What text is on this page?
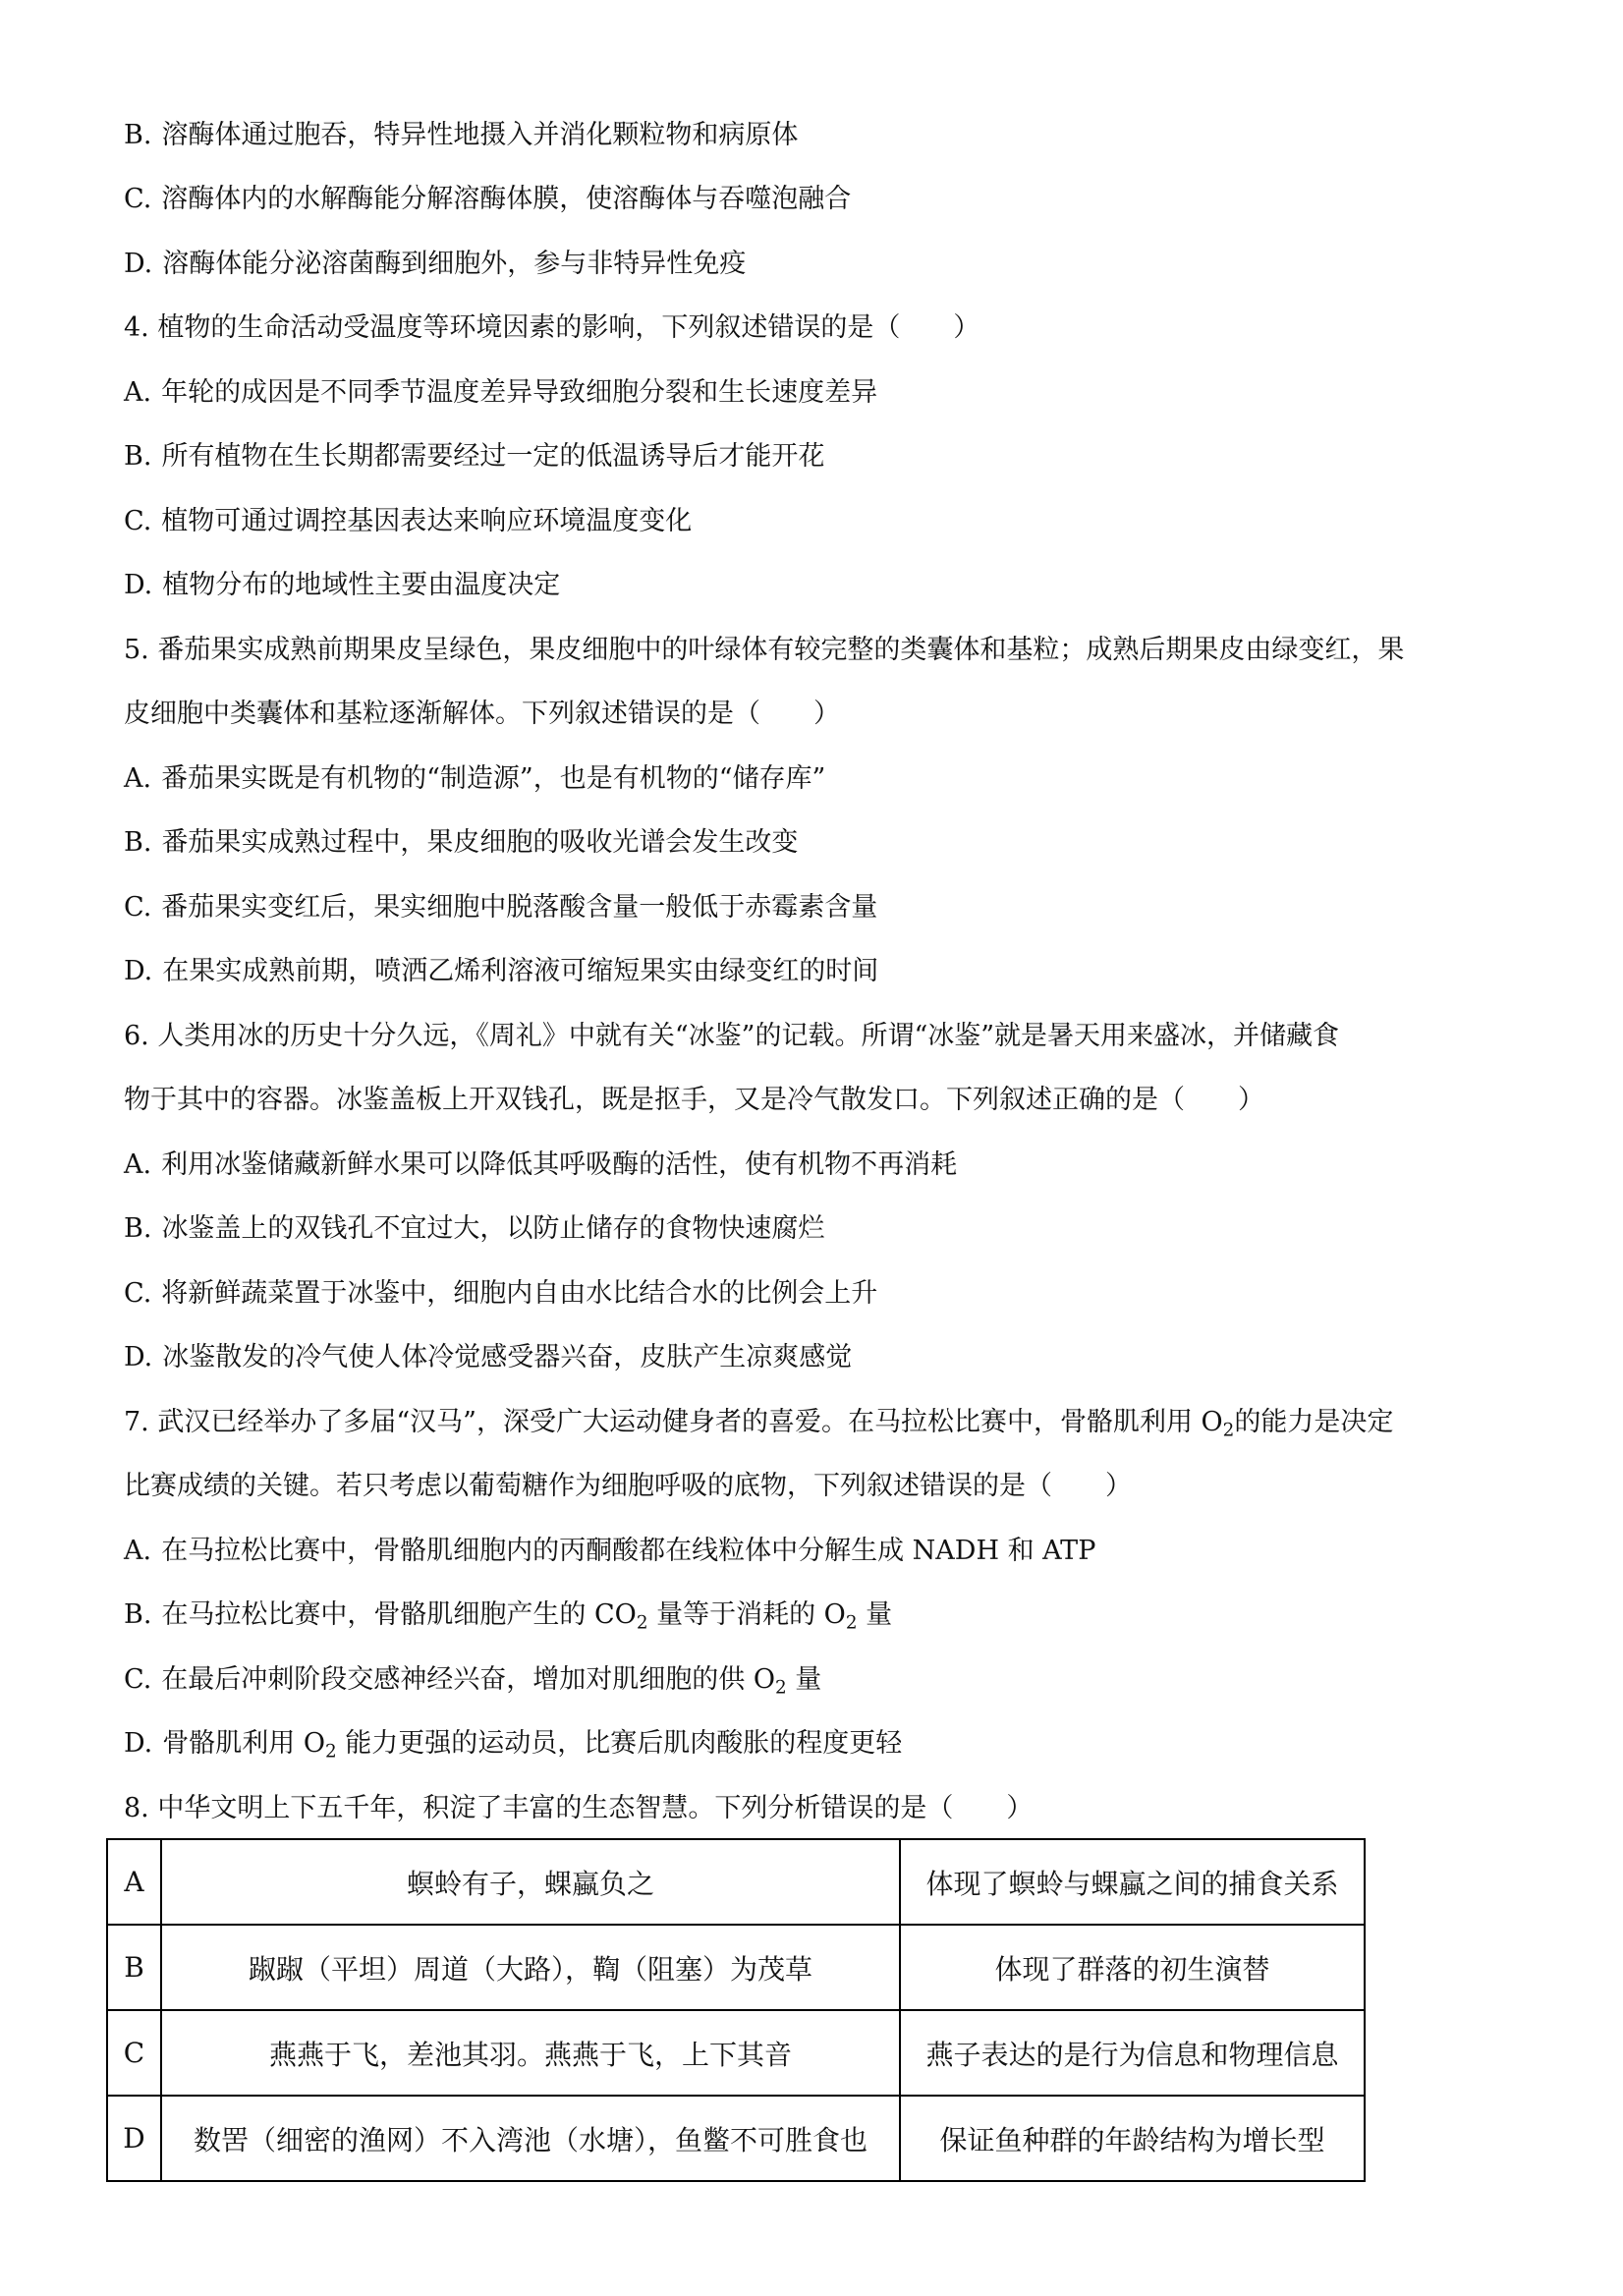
B. 溶酶体通过胞吞，特异性地摄入并消化颗粒物和病原体
C. 溶酶体内的水解酶能分解溶酶体膜，使溶酶体与吞噬泡融合
D. 溶酶体能分泌溶菌酶到细胞外，参与非特异性免疫
4. 植物的生命活动受温度等环境因素的影响，下列叙述错误的是（　　）
A. 年轮的成因是不同季节温度差异导致细胞分裂和生长速度差异
B. 所有植物在生长期都需要经过一定的低温诱导后才能开花
C. 植物可通过调控基因表达来响应环境温度变化
D. 植物分布的地域性主要由温度决定
5. 番茄果实成熟前期果皮呈绿色，果皮细胞中的叶绿体有较完整的类囊体和基粒；成熟后期果皮由绿变红，果
皮细胞中类囊体和基粒逐渐解体。下列叙述错误的是（　　）
A. 番茄果实既是有机物的“制造源”，也是有机物的“储存库”
B. 番茄果实成熟过程中，果皮细胞的吸收光谱会发生改变
C. 番茄果实变红后，果实细胞中脱落酸含量一般低于赤霉素含量
D. 在果实成熟前期，喷洒乙烯利溶液可缩短果实由绿变红的时间
6. 人类用冰的历史十分久远，《周礼》中就有关“冰鉴”的记载。所谓“冰鉴”就是暑天用来盛冰，并储藏食
物于其中的容器。冰鉴盖板上开双钱孔，既是抠手，又是冷气散发口。下列叙述正确的是（　　）
A. 利用冰鉴储藏新鲜水果可以降低其呼吸酶的活性，使有机物不再消耗
B. 冰鉴盖上的双钱孔不宜过大，以防止储存的食物快速腐烂
C. 将新鲜蔬菜置于冰鉴中，细胞内自由水比结合水的比例会上升
D. 冰鉴散发的冷气使人体冷觉感受器兴奋，皮肤产生凉爽感觉
7. 武汉已经举办了多届“汉马”，深受广大运动健身者的喜爱。在马拉松比赛中，骨骼肌利用 $O_2$的能力是决定
比赛成绩的关键。若只考虑以葡萄糖作为细胞呼吸的底物，下列叙述错误的是（　　）
A. 在马拉松比赛中，骨骼肌细胞内的丙酮酸都在线粒体中分解生成 NADH 和 ATP
B. 在马拉松比赛中，骨骼肌细胞产生的 $CO_2$ 量等于消耗的 $O_2$ 量
C. 在最后冲刺阶段交感神经兴奋，增加对肌细胞的供 $O_2$ 量
D. 骨骼肌利用 $O_2$ 能力更强的运动员，比赛后肌肉酸胀的程度更轻
8. 中华文明上下五千年，积淀了丰富的生态智慧。下列分析错误的是（　　）
A	螟蛉有子，蜾蠃负之	体现了螟蛉与蜾蠃之间的捕食关系
B	踧踧（平坦）周道（大路），鞫（阻塞）为茂草	体现了群落的初生演替
C	燕燕于飞，差池其羽。燕燕于飞，上下其音	燕子表达的是行为信息和物理信息
D	数罟（细密的渔网）不入湾池（水塘），鱼鳖不可胜食也	保证鱼种群的年龄结构为增长型
